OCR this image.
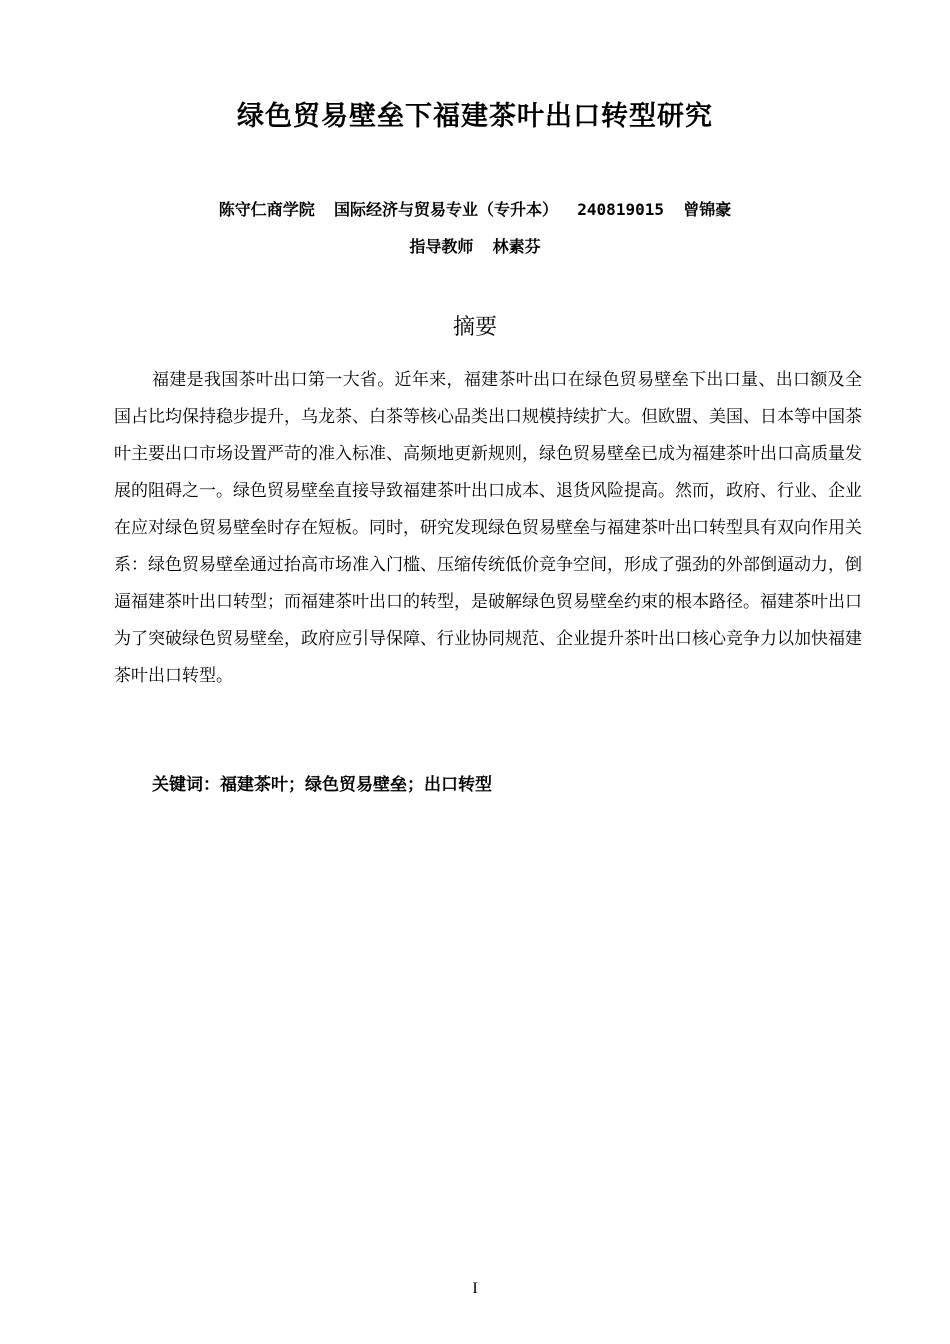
绿色贸易壁垒下福建茶叶出口转型研究
陈守仁商学院  国际经济与贸易专业（专升本）  240819015  曾锦豪
指导教师  林素芬
摘要

福建是我国茶叶出口第一大省。近年来，福建茶叶出口在绿色贸易壁垒下出口量、出口额及全国占比均保持稳步提升，乌龙茶、白茶等核心品类出口规模持续扩大。但欧盟、美国、日本等中国茶叶主要出口市场设置严苛的准入标准、高频地更新规则，绿色贸易壁垒已成为福建茶叶出口高质量发展的阻碍之一。绿色贸易壁垒直接导致福建茶叶出口成本、退货风险提高。然而，政府、行业、企业在应对绿色贸易壁垒时存在短板。同时，研究发现绿色贸易壁垒与福建茶叶出口转型具有双向作用关系：绿色贸易壁垒通过抬高市场准入门槛、压缩传统低价竞争空间，形成了强劲的外部倒逼动力，倒逼福建茶叶出口转型；而福建茶叶出口的转型，是破解绿色贸易壁垒约束的根本路径。福建茶叶出口为了突破绿色贸易壁垒，政府应引导保障、行业协同规范、企业提升茶叶出口核心竞争力以加快福建茶叶出口转型。

关键词：福建茶叶；绿色贸易壁垒；出口转型
I
